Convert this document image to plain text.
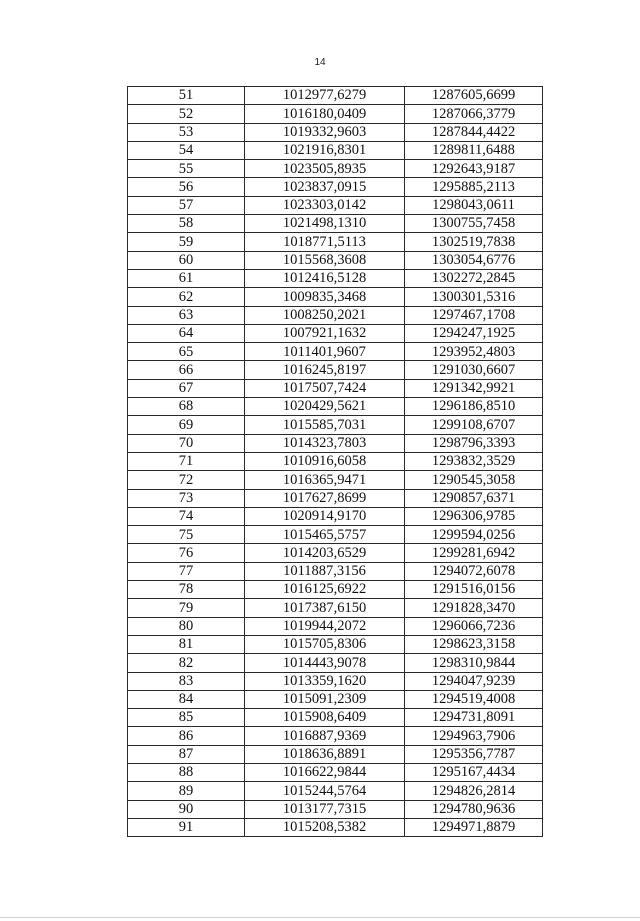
14
51	1012977,6279	1287605,6699
52	1016180,0409	1287066,3779
53	1019332,9603	1287844,4422
54	1021916,8301	1289811,6488
55	1023505,8935	1292643,9187
56	1023837,0915	1295885,2113
57	1023303,0142	1298043,0611
58	1021498,1310	1300755,7458
59	1018771,5113	1302519,7838
60	1015568,3608	1303054,6776
61	1012416,5128	1302272,2845
62	1009835,3468	1300301,5316
63	1008250,2021	1297467,1708
64	1007921,1632	1294247,1925
65	1011401,9607	1293952,4803
66	1016245,8197	1291030,6607
67	1017507,7424	1291342,9921
68	1020429,5621	1296186,8510
69	1015585,7031	1299108,6707
70	1014323,7803	1298796,3393
71	1010916,6058	1293832,3529
72	1016365,9471	1290545,3058
73	1017627,8699	1290857,6371
74	1020914,9170	1296306,9785
75	1015465,5757	1299594,0256
76	1014203,6529	1299281,6942
77	1011887,3156	1294072,6078
78	1016125,6922	1291516,0156
79	1017387,6150	1291828,3470
80	1019944,2072	1296066,7236
81	1015705,8306	1298623,3158
82	1014443,9078	1298310,9844
83	1013359,1620	1294047,9239
84	1015091,2309	1294519,4008
85	1015908,6409	1294731,8091
86	1016887,9369	1294963,7906
87	1018636,8891	1295356,7787
88	1016622,9844	1295167,4434
89	1015244,5764	1294826,2814
90	1013177,7315	1294780,9636
91	1015208,5382	1294971,8879
